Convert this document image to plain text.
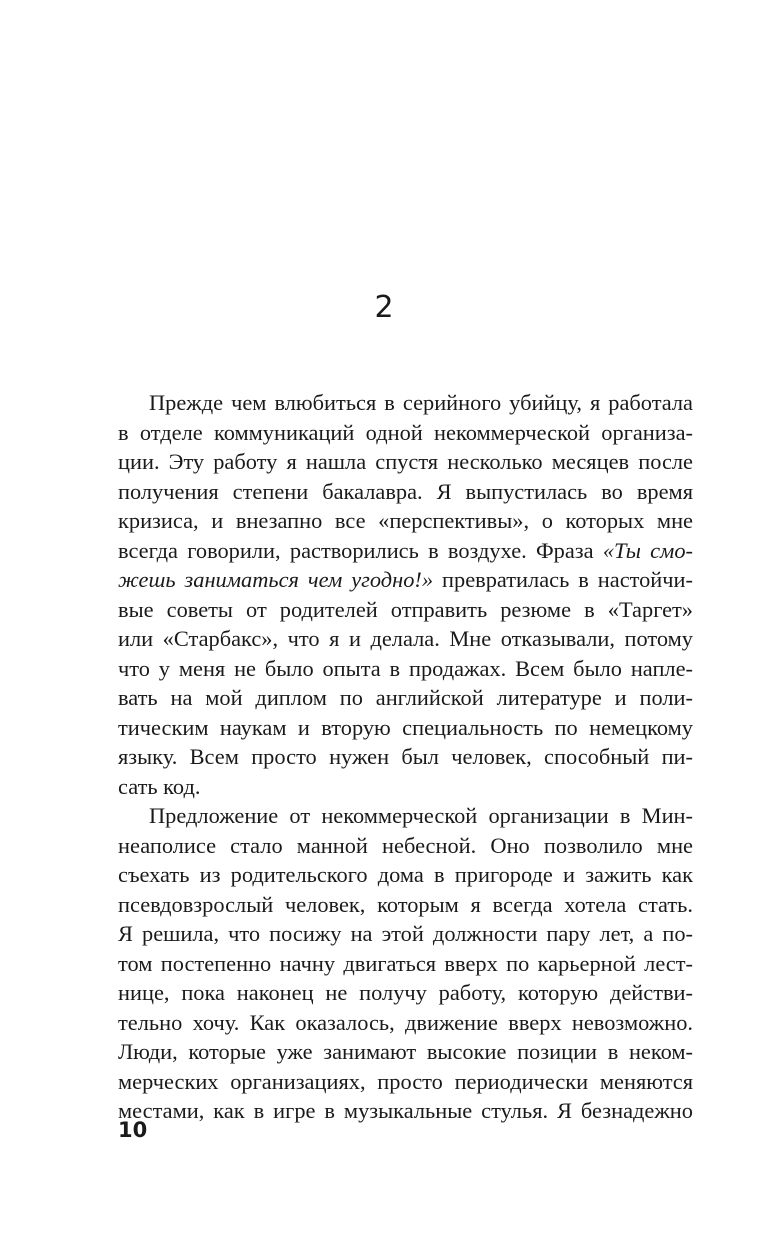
2
Прежде чем влюбиться в серийного убийцу, я работала
в отделе коммуникаций одной некоммерческой организа-
ции. Эту работу я нашла спустя несколько месяцев после
получения степени бакалавра. Я выпустилась во время
кризиса, и внезапно все «перспективы», о которых мне
всегда говорили, растворились в воздухе. Фраза «Ты смо-
жешь заниматься чем угодно!» превратилась в настойчи-
вые советы от родителей отправить резюме в «Таргет»
или «Старбакс», что я и делала. Мне отказывали, потому
что у меня не было опыта в продажах. Всем было напле-
вать на мой диплом по английской литературе и поли-
тическим наукам и вторую специальность по немецкому
языку. Всем просто нужен был человек, способный пи-
сать код.
Предложение от некоммерческой организации в Мин-
неаполисе стало манной небесной. Оно позволило мне
съехать из родительского дома в пригороде и зажить как
псевдовзрослый человек, которым я всегда хотела стать.
Я решила, что посижу на этой должности пару лет, а по-
том постепенно начну двигаться вверх по карьерной лест-
нице, пока наконец не получу работу, которую действи-
тельно хочу. Как оказалось, движение вверх невозможно.
Люди, которые уже занимают высокие позиции в неком-
мерческих организациях, просто периодически меняются
местами, как в игре в музыкальные стулья. Я безнадежно
10
